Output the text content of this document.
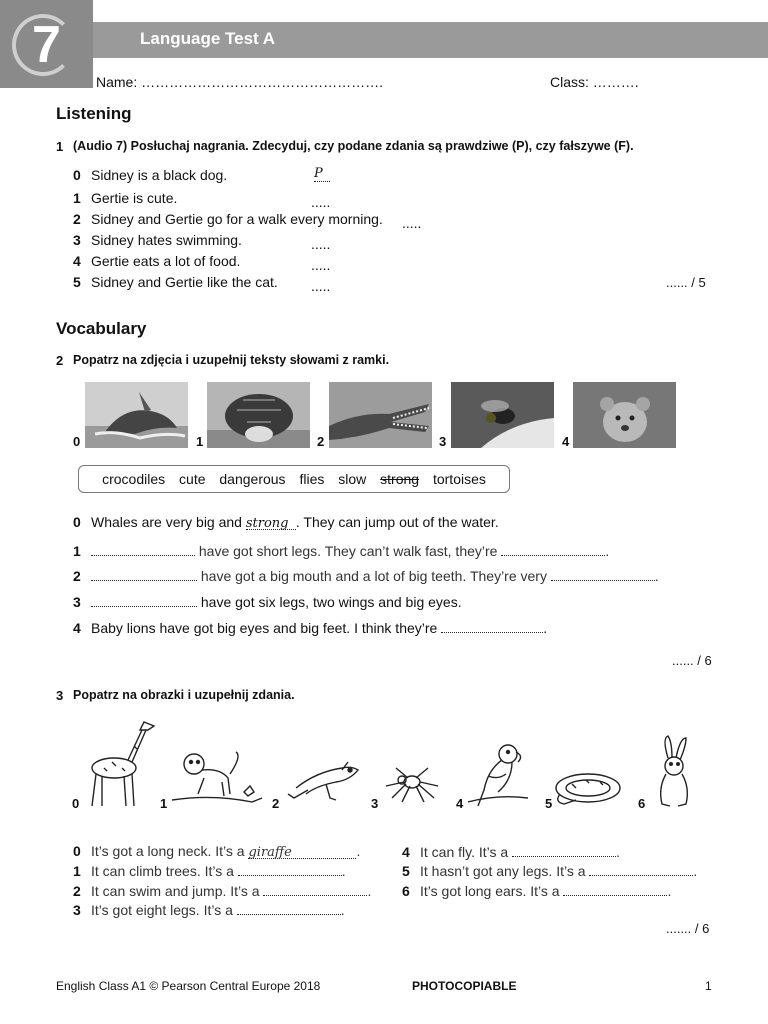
7	Language Test A
Name: …………………………………………….	Class: ……….
Listening
1 (Audio 7) Posłuchaj nagrania. Zdecyduj, czy podane zdania są prawdziwe (P), czy fałszywe (F).
0 Sidney is a black dog.	P
1 Gertie is cute.	.....
2 Sidney and Gertie go for a walk every morning. .....
3 Sidney hates swimming.	.....
4 Gertie eats a lot of food.	.....
5 Sidney and Gertie like the cat. .....	...... / 5
Vocabulary
2 Popatrz na zdjęcia i uzupełnij teksty słowami z ramki.
0	1	2	3	4
crocodiles cute dangerous flies slow strong tortoises
0 Whales are very big and strong . They can jump out of the water.
1	have got short legs. They can’t walk fast, they’re	.
2	have got a big mouth and a lot of big teeth. They’re very	.
3	have got six legs, two wings and big eyes.
4 Baby lions have got big eyes and big feet. I think they’re	.
...... / 6
3 Popatrz na obrazki i uzupełnij zdania.
0	1	2	3	4	5	6
0 It’s got a long neck. It’s a giraffe	.
1 It can climb trees. It’s a	.
2 It can swim and jump. It’s a	.
3 It’s got eight legs. It’s a	.
4 It can fly. It’s a	.
5 It hasn’t got any legs. It’s a	.
6 It’s got long ears. It’s a	.
....... / 6
English Class A1 © Pearson Central Europe 2018	PHOTOCOPIABLE	1
